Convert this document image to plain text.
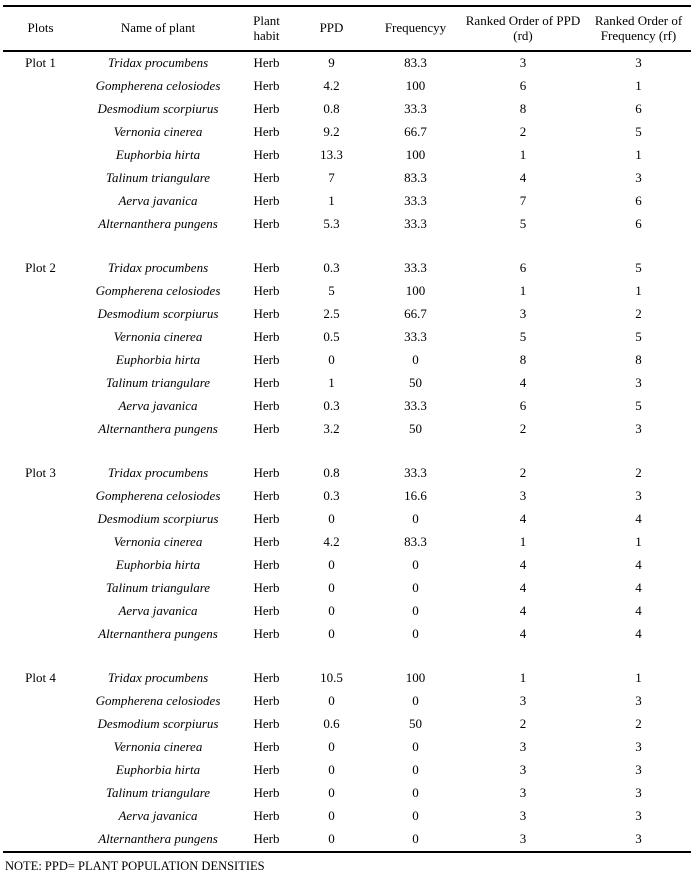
Plots	Name of plant	Plant habit	PPD	Frequencyy	Ranked Order of PPD (rd)	Ranked Order of Frequency (rf)
Plot 1	Tridax procumbens	Herb	9	83.3	3	3
	Gompherena celosiodes	Herb	4.2	100	6	1
	Desmodium scorpiurus	Herb	0.8	33.3	8	6
	Vernonia cinerea	Herb	9.2	66.7	2	5
	Euphorbia hirta	Herb	13.3	100	1	1
	Talinum triangulare	Herb	7	83.3	4	3
	Aerva javanica	Herb	1	33.3	7	6
	Alternanthera pungens	Herb	5.3	33.3	5	6

Plot 2	Tridax procumbens	Herb	0.3	33.3	6	5
	Gompherena celosiodes	Herb	5	100	1	1
	Desmodium scorpiurus	Herb	2.5	66.7	3	2
	Vernonia cinerea	Herb	0.5	33.3	5	5
	Euphorbia hirta	Herb	0	0	8	8
	Talinum triangulare	Herb	1	50	4	3
	Aerva javanica	Herb	0.3	33.3	6	5
	Alternanthera pungens	Herb	3.2	50	2	3

Plot 3	Tridax procumbens	Herb	0.8	33.3	2	2
	Gompherena celosiodes	Herb	0.3	16.6	3	3
	Desmodium scorpiurus	Herb	0	0	4	4
	Vernonia cinerea	Herb	4.2	83.3	1	1
	Euphorbia hirta	Herb	0	0	4	4
	Talinum triangulare	Herb	0	0	4	4
	Aerva javanica	Herb	0	0	4	4
	Alternanthera pungens	Herb	0	0	4	4

Plot 4	Tridax procumbens	Herb	10.5	100	1	1
	Gompherena celosiodes	Herb	0	0	3	3
	Desmodium scorpiurus	Herb	0.6	50	2	2
	Vernonia cinerea	Herb	0	0	3	3
	Euphorbia hirta	Herb	0	0	3	3
	Talinum triangulare	Herb	0	0	3	3
	Aerva javanica	Herb	0	0	3	3
	Alternanthera pungens	Herb	0	0	3	3
NOTE: PPD= PLANT POPULATION DENSITIES
